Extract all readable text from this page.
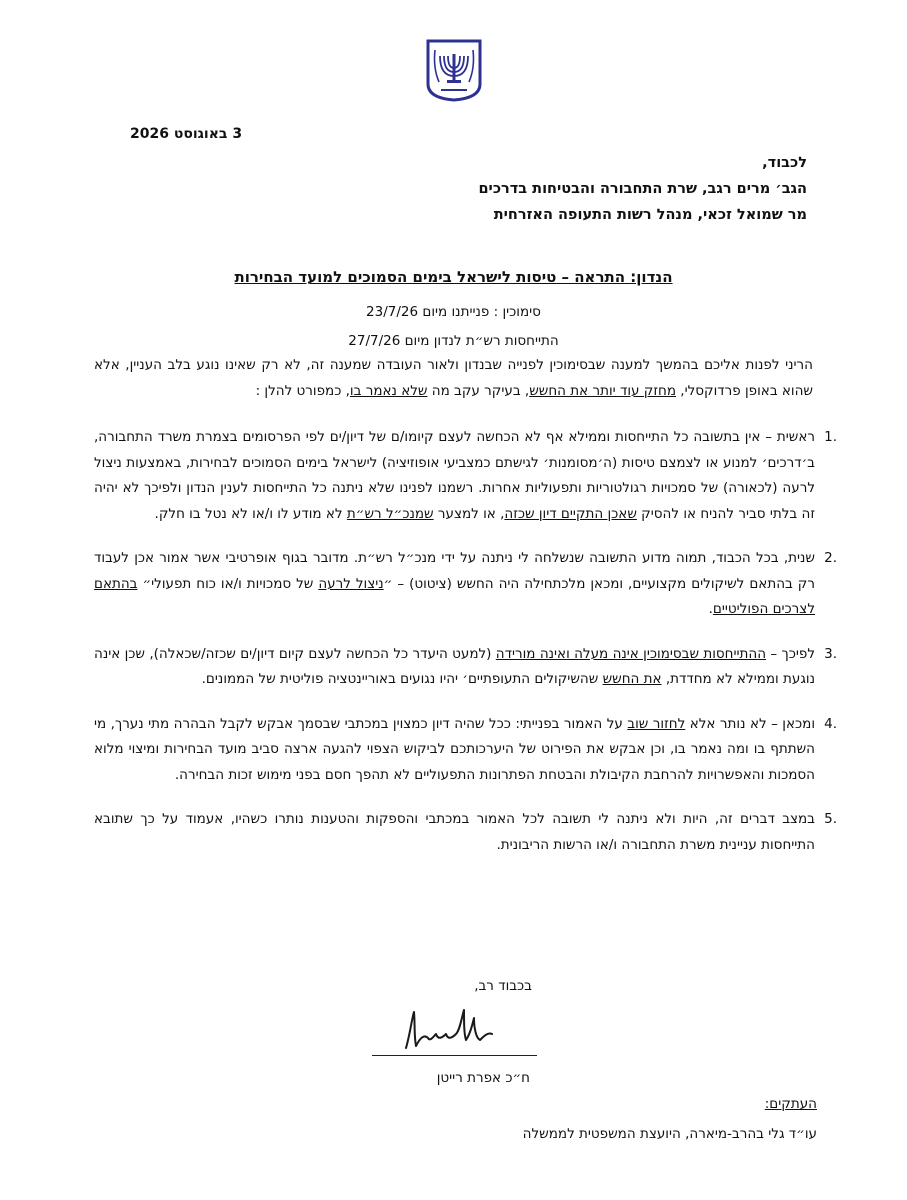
3 באוגוסט 2026
לכבוד,
הגב׳ מרים רגב, שרת התחבורה והבטיחות בדרכים
מר שמואל זכאי, מנהל רשות התעופה האזרחית
הנדון: התראה – טיסות לישראל בימים הסמוכים למועד הבחירות
סימוכין : פנייתנו מיום 23/7/26
התייחסות רש״ת לנדון מיום 27/7/26
הריני לפנות אליכם בהמשך למענה שבסימוכין לפנייה שבנדון ולאור העובדה שמענה זה, לא רק שאינו נוגע בלב העניין, אלא שהוא באופן פרדוקסלי, מחזק עוד יותר את החשש, בעיקר עקב מה שלא נאמר בו, כמפורט להלן :
1.
ראשית – אין בתשובה כל התייחסות וממילא אף לא הכחשה לעצם קיומו/ם של דיון/ים לפי הפרסומים בצמרת משרד התחבורה, ב׳דרכים׳ למנוע או לצמצם טיסות (ה׳מסומנות׳ לגישתם כמצביעי אופוזיציה) לישראל בימים הסמוכים לבחירות, באמצעות ניצול לרעה (לכאורה) של סמכויות רגולטוריות ותפעוליות אחרות. רשמנו לפנינו שלא ניתנה כל התייחסות לענין הנדון ולפיכך לא יהיה זה בלתי סביר להניח או להסיק שאכן התקיים דיון שכזה, או למצער שמנכ״ל רש״ת לא מודע לו ו/או לא נטל בו חלק.
2.
שנית, בכל הכבוד, תמוה מדוע התשובה שנשלחה לי ניתנה על ידי מנכ״ל רש״ת. מדובר בגוף אופרטיבי אשר אמור אכן לעבוד רק בהתאם לשיקולים מקצועיים, ומכאן מלכתחילה היה החשש (ציטוט) – ״ניצול לרעה של סמכויות ו/או כוח תפעולי״ בהתאם לצרכים הפוליטיים.
3.
לפיכך – ההתייחסות שבסימוכין אינה מעלה ואינה מורידה (למעט היעדר כל הכחשה לעצם קיום דיון/ים שכזה/שכאלה), שכן אינה נוגעת וממילא לא מחדדת, את החשש שהשיקולים התעופתיים׳ יהיו נגועים באוריינטציה פוליטית של הממונים.
4.
ומכאן – לא נותר אלא לחזור שוב על האמור בפנייתי: ככל שהיה דיון כמצוין במכתבי שבסמך אבקש לקבל הבהרה מתי נערך, מי השתתף בו ומה נאמר בו, וכן אבקש את הפירוט של היערכותכם לביקוש הצפוי להגעה ארצה סביב מועד הבחירות ומיצוי מלוא הסמכות והאפשרויות להרחבת הקיבולת והבטחת הפתרונות התפעוליים לא תהפך חסם בפני מימוש זכות הבחירה.
5.
במצב דברים זה, היות ולא ניתנה לי תשובה לכל האמור במכתבי והספקות והטענות נותרו כשהיו, אעמוד על כך שתובא התייחסות עניינית משרת התחבורה ו/או הרשות הריבונית.
בכבוד רב,
ח״כ אפרת רייטן
העתקים:
עו״ד גלי בהרב-מיארה, היועצת המשפטית לממשלה
